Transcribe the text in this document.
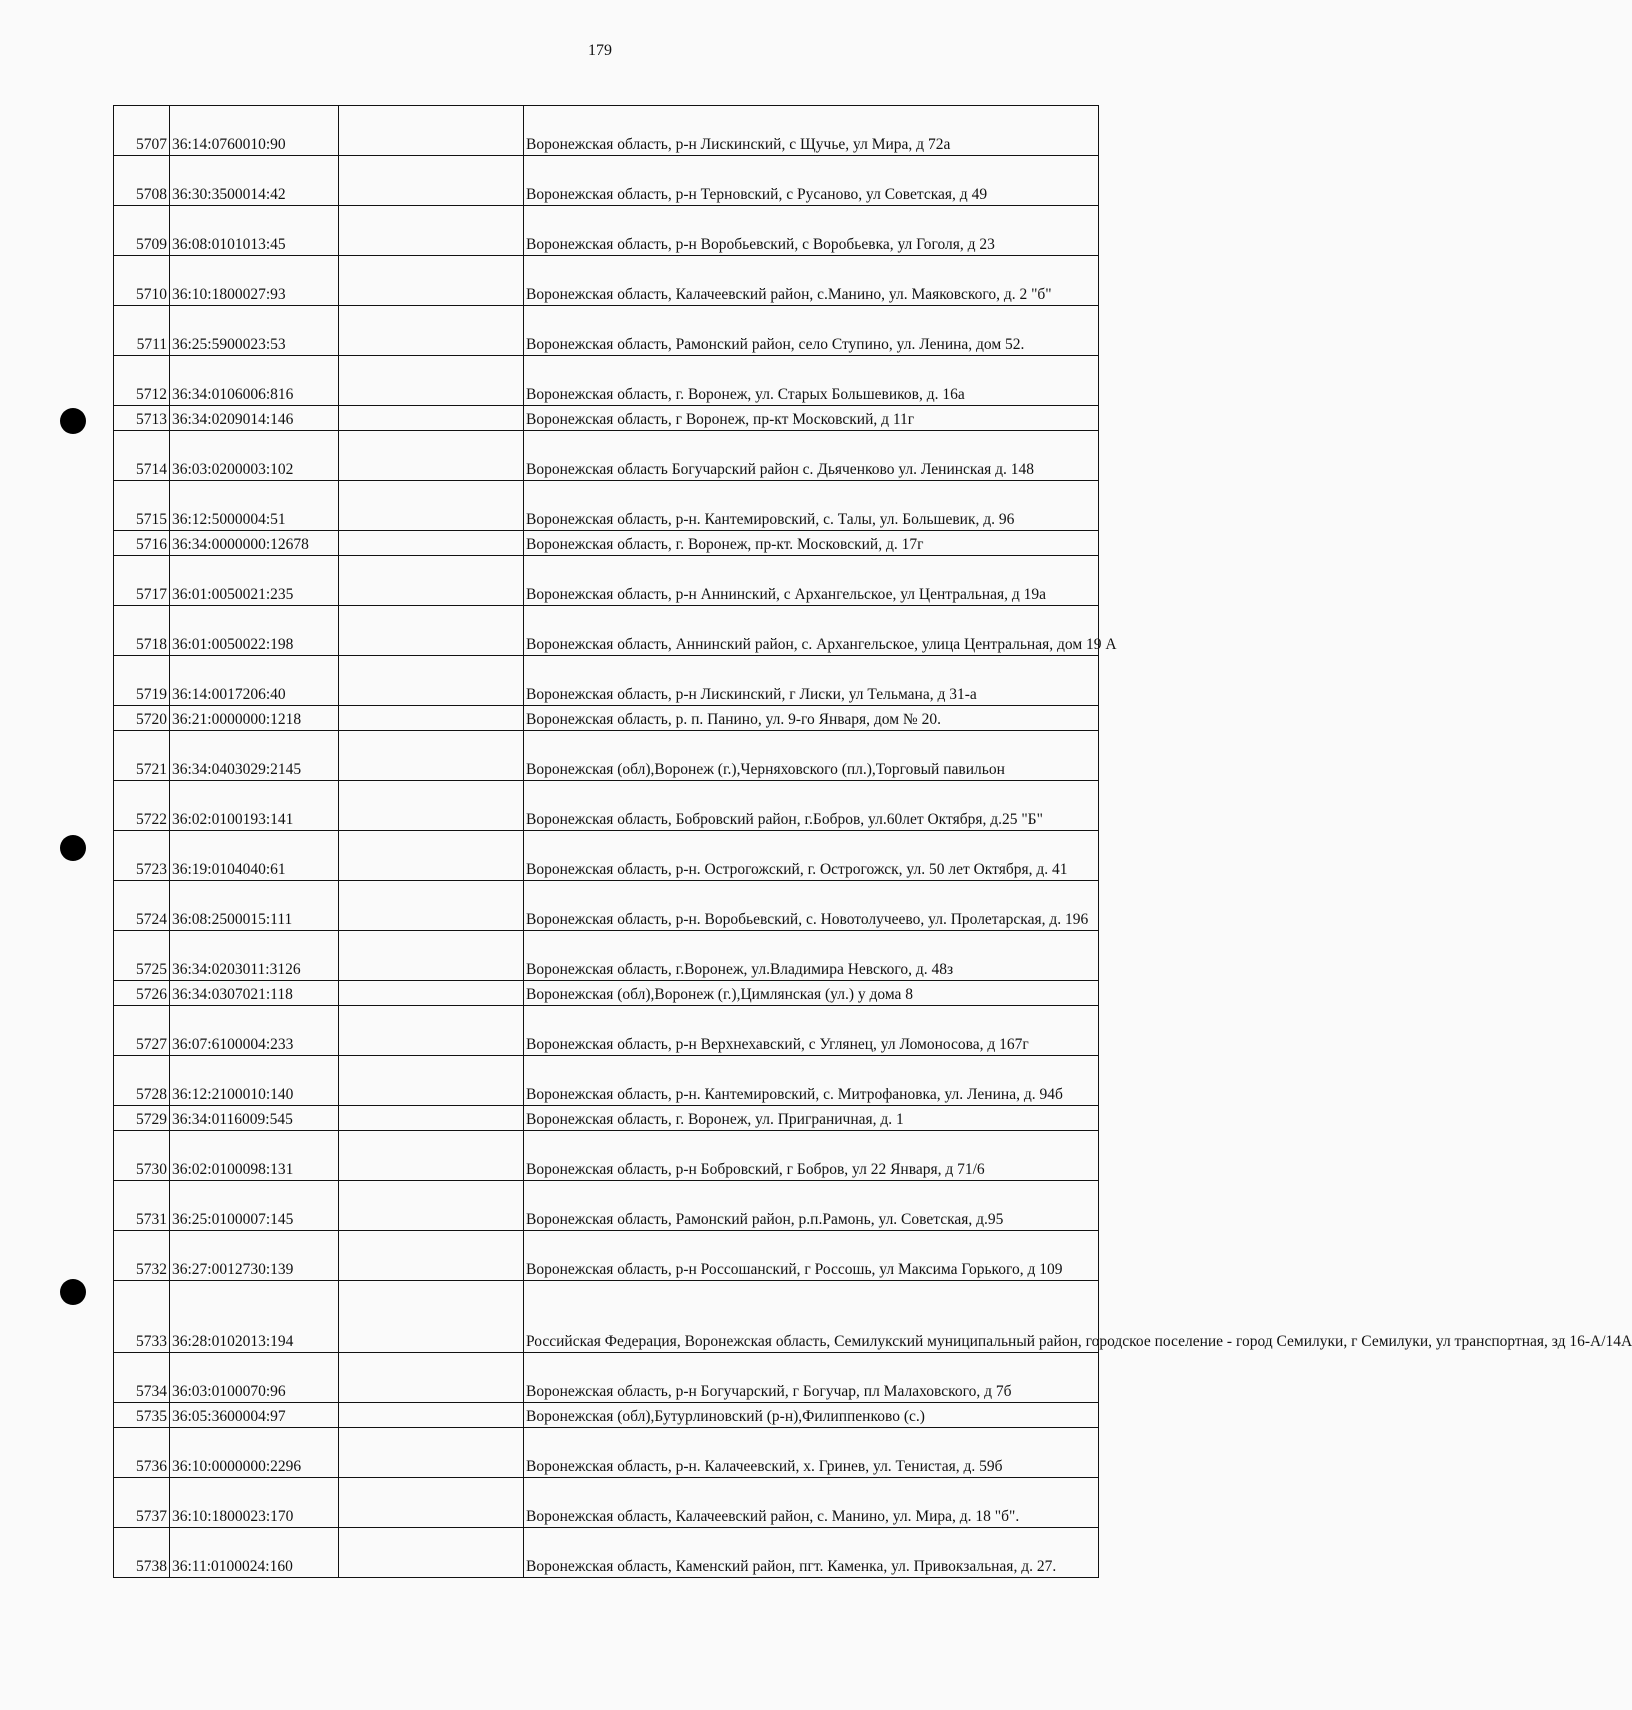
179
5707	36:14:0760010:90		Воронежская область, р-н Лискинский, с Щучье, ул Мира, д 72а
5708	36:30:3500014:42		Воронежская область, р-н Терновский, с Русаново, ул Советская, д 49
5709	36:08:0101013:45		Воронежская область, р-н Воробьевский, с Воробьевка, ул Гоголя, д 23
5710	36:10:1800027:93		Воронежская область, Калачеевский район, с.Манино, ул. Маяковского, д. 2 "б"
5711	36:25:5900023:53		Воронежская область, Рамонский район, село Ступино, ул. Ленина, дом 52.
5712	36:34:0106006:816		Воронежская область, г. Воронеж, ул. Старых Большевиков, д. 16а
5713	36:34:0209014:146		Воронежская область, г Воронеж, пр-кт Московский, д 11г
5714	36:03:0200003:102		Воронежская область Богучарский район с. Дьяченково ул. Ленинская д. 148
5715	36:12:5000004:51		Воронежская область, р-н. Кантемировский, с. Талы, ул. Большевик, д. 96
5716	36:34:0000000:12678		Воронежская область, г. Воронеж, пр-кт. Московский, д. 17г
5717	36:01:0050021:235		Воронежская область, р-н Аннинский, с Архангельское, ул Центральная, д 19а
5718	36:01:0050022:198		Воронежская область, Аннинский район, с. Архангельское, улица Центральная, дом 19 А
5719	36:14:0017206:40		Воронежская область, р-н Лискинский, г Лиски, ул Тельмана, д 31-а
5720	36:21:0000000:1218		Воронежская область, р. п. Панино, ул. 9-го Января, дом № 20.
5721	36:34:0403029:2145		Воронежская (обл),Воронеж (г.),Черняховского (пл.),Торговый павильон
5722	36:02:0100193:141		Воронежская область, Бобровский район, г.Бобров, ул.60лет Октября, д.25 "Б"
5723	36:19:0104040:61		Воронежская область, р-н. Острогожский, г. Острогожск, ул. 50 лет Октября, д. 41
5724	36:08:2500015:111		Воронежская область, р-н. Воробьевский, с. Новотолучеево, ул. Пролетарская, д. 196
5725	36:34:0203011:3126		Воронежская область, г.Воронеж, ул.Владимира Невского, д. 48з
5726	36:34:0307021:118		Воронежская (обл),Воронеж (г.),Цимлянская (ул.) у дома 8
5727	36:07:6100004:233		Воронежская область, р-н Верхнехавский, с Углянец, ул Ломоносова, д 167г
5728	36:12:2100010:140		Воронежская область, р-н. Кантемировский, с. Митрофановка, ул. Ленина, д. 94б
5729	36:34:0116009:545		Воронежская область, г. Воронеж, ул. Приграничная, д. 1
5730	36:02:0100098:131		Воронежская область, р-н Бобровский, г Бобров, ул 22 Января, д 71/6
5731	36:25:0100007:145		Воронежская область, Рамонский район, р.п.Рамонь, ул. Советская, д.95
5732	36:27:0012730:139		Воронежская область, р-н Россошанский, г Россошь, ул Максима Горького, д 109
5733	36:28:0102013:194		Российская Федерация, Воронежская область, Семилукский муниципальный район, городское поселение - город Семилуки, г Семилуки, ул транспортная, зд 16-А/14А
5734	36:03:0100070:96		Воронежская область, р-н Богучарский, г Богучар, пл Малаховского, д 7б
5735	36:05:3600004:97		Воронежская (обл),Бутурлиновский (р-н),Филиппенково (с.)
5736	36:10:0000000:2296		Воронежская область, р-н. Калачеевский, х. Гринев, ул. Тенистая, д. 59б
5737	36:10:1800023:170		Воронежская область, Калачеевский район, с. Манино, ул. Мира, д. 18 "б".
5738	36:11:0100024:160		Воронежская область, Каменский район, пгт. Каменка, ул. Привокзальная, д. 27.
